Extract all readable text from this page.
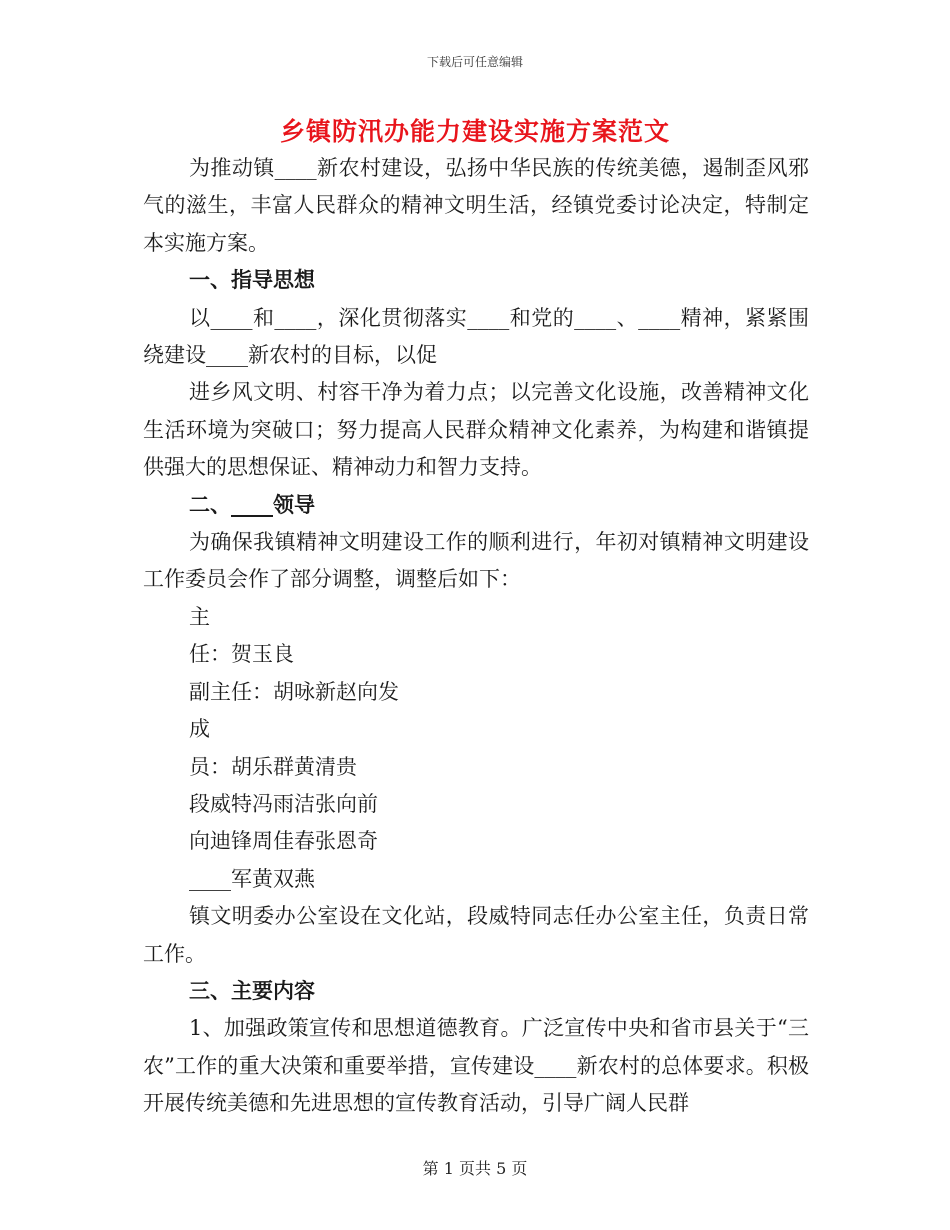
下载后可任意编辑
乡镇防汛办能力建设实施方案范文

为推动镇____新农村建设，弘扬中华民族的传统美德，遏制歪风邪气的滋生，丰富人民群众的精神文明生活，经镇党委讨论决定，特制定本实施方案。

一、指导思想

以____和____，深化贯彻落实____和党的____、____精神，紧紧围绕建设____新农村的目标，以促

进乡风文明、村容干净为着力点；以完善文化设施，改善精神文化生活环境为突破口；努力提高人民群众精神文化素养，为构建和谐镇提供强大的思想保证、精神动力和智力支持。

二、____领导

为确保我镇精神文明建设工作的顺利进行，年初对镇精神文明建设工作委员会作了部分调整，调整后如下：

主

任：贺玉良

副主任：胡咏新赵向发

成

员：胡乐群黄清贵

段威特冯雨洁张向前

向迪锋周佳春张恩奇

____军黄双燕

镇文明委办公室设在文化站，段威特同志任办公室主任，负责日常工作。

三、主要内容

1、加强政策宣传和思想道德教育。广泛宣传中央和省市县关于“三农”工作的重大决策和重要举措，宣传建设____新农村的总体要求。积极开展传统美德和先进思想的宣传教育活动，引导广阔人民群

第 1 页共 5 页
